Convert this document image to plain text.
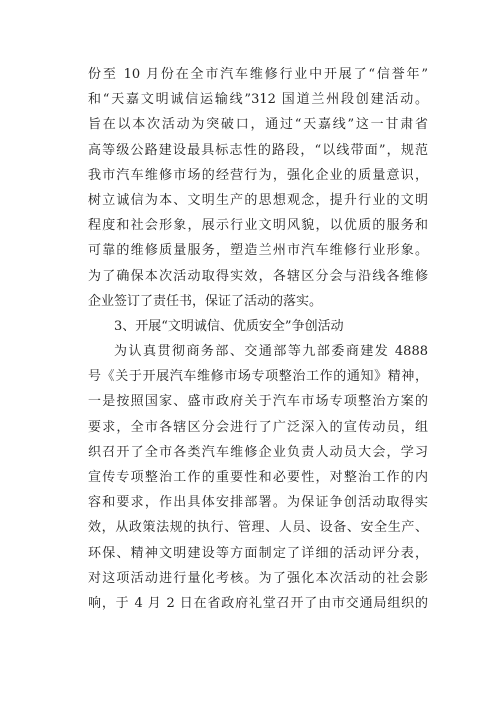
份至 10 月份在全市汽车维修行业中开展了“信誉年”
和“天嘉文明诚信运输线”312 国道兰州段创建活动。
旨在以本次活动为突破口，通过“天嘉线”这一甘肃省
高等级公路建设最具标志性的路段，“以线带面”，规范
我市汽车维修市场的经营行为，强化企业的质量意识，
树立诚信为本、文明生产的思想观念，提升行业的文明
程度和社会形象，展示行业文明风貌，以优质的服务和
可靠的维修质量服务，塑造兰州市汽车维修行业形象。
为了确保本次活动取得实效，各辖区分会与沿线各维修
企业签订了责任书，保证了活动的落实。
3、开展“文明诚信、优质安全”争创活动
为认真贯彻商务部、交通部等九部委商建发 4888
号《关于开展汽车维修市场专项整治工作的通知》精神，
一是按照国家、盛市政府关于汽车市场专项整治方案的
要求，全市各辖区分会进行了广泛深入的宣传动员，组
织召开了全市各类汽车维修企业负责人动员大会，学习
宣传专项整治工作的重要性和必要性，对整治工作的内
容和要求，作出具体安排部署。为保证争创活动取得实
效，从政策法规的执行、管理、人员、设备、安全生产、
环保、精神文明建设等方面制定了详细的活动评分表，
对这项活动进行量化考核。为了强化本次活动的社会影
响，于 4 月 2 日在省政府礼堂召开了由市交通局组织的
